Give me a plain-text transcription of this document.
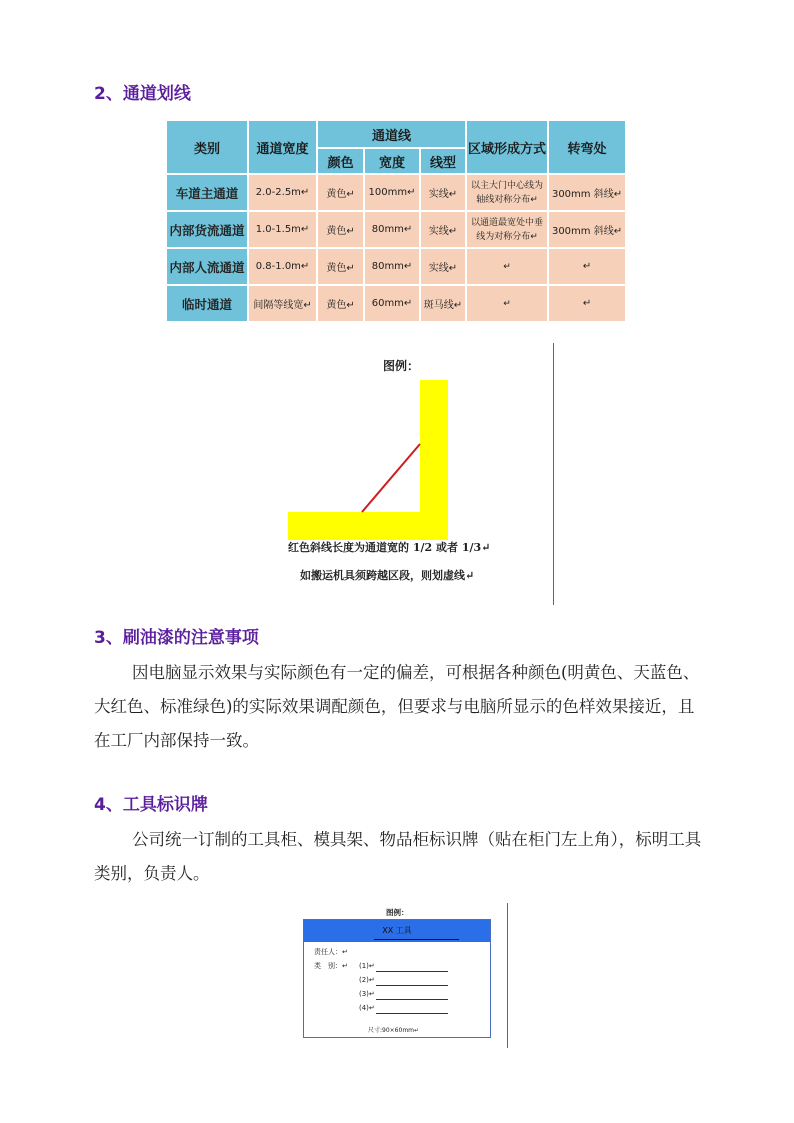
2、通道划线
类别	通道宽度	通道线			区域形成方式	转弯处
		颜色	宽度	线型		
车道主通道	2.0-2.5m↵	黄色↵	100mm↵	实线↵	以主大门中心线为轴线对称分布↵	300mm 斜线↵
内部货流通道	1.0-1.5m↵	黄色↵	80mm↵	实线↵	以通道最宽处中垂线为对称分布↵	300mm 斜线↵
内部人流通道	0.8-1.0m↵	黄色↵	80mm↵	实线↵	↵	↵
临时通道	间隔等线宽↵	黄色↵	60mm↵	斑马线↵	↵	↵
图例：
红色斜线长度为通道宽的 1/2 或者 1/3↵
如搬运机具须跨越区段，则划虚线↵
3、刷油漆的注意事项
因电脑显示效果与实际颜色有一定的偏差，可根据各种颜色(明黄色、天蓝色、大红色、标准绿色)的实际效果调配颜色，但要求与电脑所显示的色样效果接近，且在工厂内部保持一致。
4、工具标识牌
公司统一订制的工具柜、模具架、物品柜标识牌（贴在柜门左上角），标明工具类别，负责人。
图例：
XX 工具
责任人：↵
类　别：↵ (1)↵
(2)↵
(3)↵
(4)↵
尺寸:90×60mm↵
